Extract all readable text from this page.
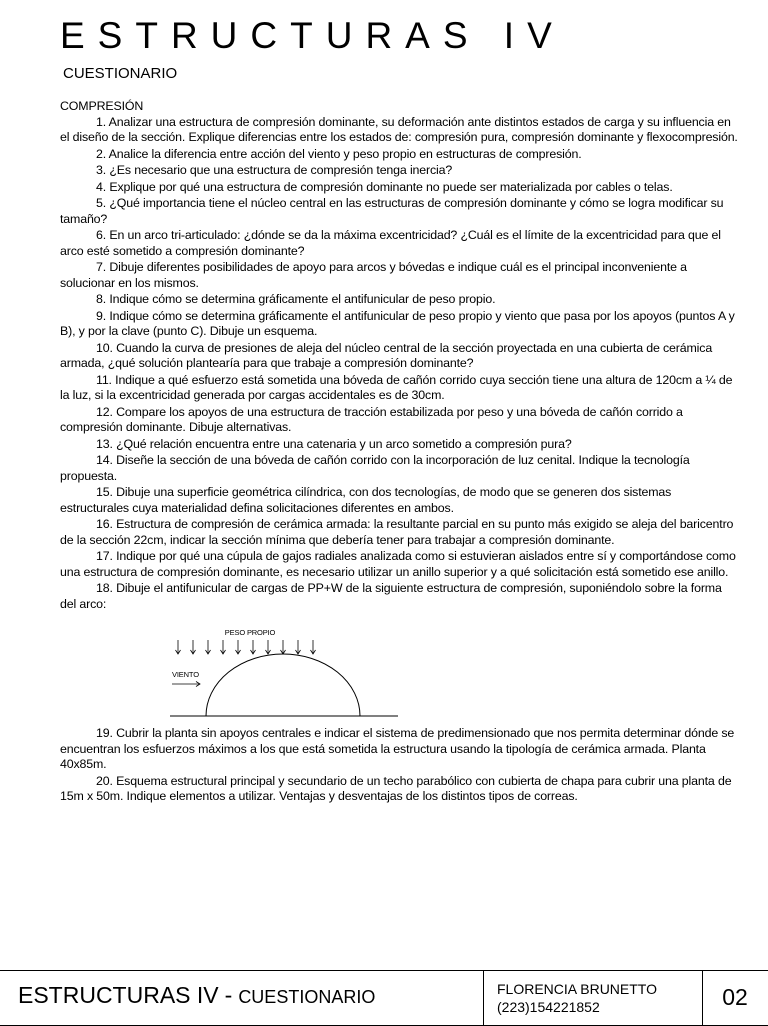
ESTRUCTURAS IV
CUESTIONARIO
COMPRESIÓN
1. Analizar una estructura de compresión dominante, su deformación ante distintos estados de carga y su influencia en el diseño de la sección. Explique diferencias entre los estados de: compresión pura, compresión dominante y flexocompresión.
2. Analice la diferencia entre acción del viento y peso propio en estructuras de compresión.
3. ¿Es necesario que una estructura de compresión tenga inercia?
4. Explique por qué una estructura de compresión dominante no puede ser materializada por cables o telas.
5. ¿Qué importancia tiene el núcleo central en las estructuras de compresión dominante y cómo se logra modificar su tamaño?
6. En un arco tri-articulado: ¿dónde se da la máxima excentricidad? ¿Cuál es el límite de la excentricidad para que el arco esté sometido a compresión dominante?
7. Dibuje diferentes posibilidades de apoyo para arcos y bóvedas e indique cuál es el principal inconveniente a solucionar en los mismos.
8. Indique cómo se determina gráficamente el antifunicular de peso propio.
9. Indique cómo se determina gráficamente el antifunicular de peso propio y viento que pasa por los apoyos (puntos A y B), y por la clave (punto C). Dibuje un esquema.
10. Cuando la curva de presiones de aleja del núcleo central de la sección proyectada en una cubierta de cerámica armada, ¿qué solución plantearía para que trabaje a compresión dominante?
11. Indique a qué esfuerzo está sometida una bóveda de cañón corrido cuya sección tiene una altura de 120cm a ¼ de la luz, si la excentricidad generada por cargas accidentales es de 30cm.
12. Compare los apoyos de una estructura de tracción estabilizada por peso y una bóveda de cañón corrido a compresión dominante. Dibuje alternativas.
13. ¿Qué relación encuentra entre una catenaria y un arco sometido a compresión pura?
14. Diseñe la sección de una bóveda de cañón corrido con la incorporación de luz cenital. Indique la tecnología propuesta.
15. Dibuje una superficie geométrica cilíndrica, con dos tecnologías, de modo que se generen dos sistemas estructurales cuya materialidad defina solicitaciones diferentes en ambos.
16. Estructura de compresión de cerámica armada: la resultante parcial en su punto más exigido se aleja del baricentro de la sección 22cm, indicar la sección mínima que debería tener para trabajar a compresión dominante.
17. Indique por qué una cúpula de gajos radiales analizada como si estuvieran aislados entre sí y comportándose como una estructura de compresión dominante, es necesario utilizar un anillo superior y a qué solicitación está sometido ese anillo.
18. Dibuje el antifunicular de cargas de PP+W de la siguiente estructura de compresión, suponiéndolo sobre la forma del arco:
PESO PROPIO
VIENTO
19. Cubrir la planta sin apoyos centrales e indicar el sistema de predimensionado que nos permita determinar dónde se encuentran los esfuerzos máximos a los que está sometida la estructura usando la tipología de cerámica armada. Planta 40x85m.
20. Esquema estructural principal y secundario de un techo parabólico con cubierta de chapa para cubrir una planta de 15m x 50m. Indique elementos a utilizar. Ventajas y desventajas de los distintos tipos de correas.
ESTRUCTURAS IV - CUESTIONARIO	FLORENCIA BRUNETTO
(223)154221852	02
